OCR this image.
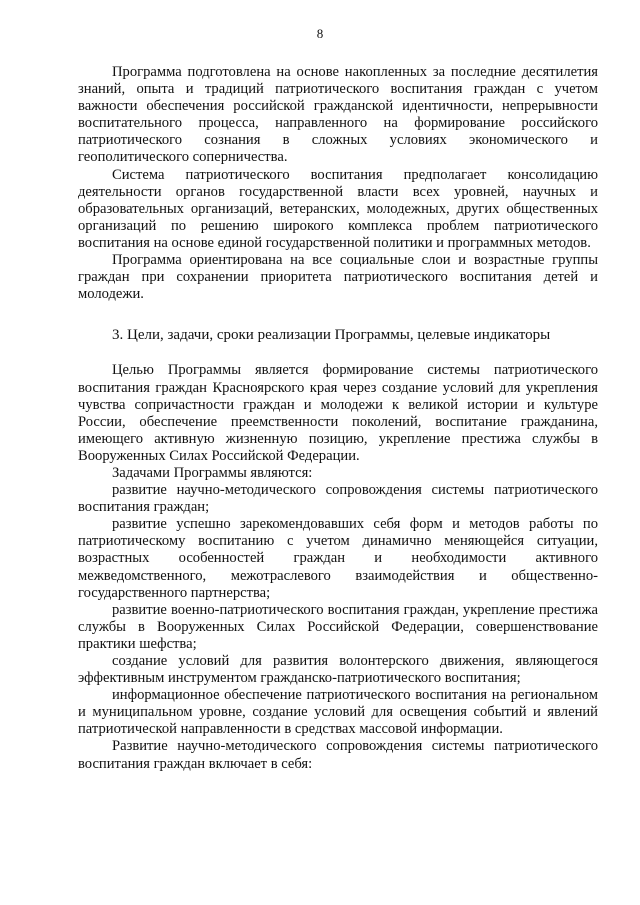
8

Программа подготовлена на основе накопленных за последние десятилетия знаний, опыта и традиций патриотического воспитания граждан с учетом важности обеспечения российской гражданской идентичности, непрерывности воспитательного процесса, направленного на формирование российского патриотического сознания в сложных условиях экономического и геополитического соперничества.

Система патриотического воспитания предполагает консолидацию деятельности органов государственной власти всех уровней, научных и образовательных организаций, ветеранских, молодежных, других общественных организаций по решению широкого комплекса проблем патриотического воспитания на основе единой государственной политики и программных методов.

Программа ориентирована на все социальные слои и возрастные группы граждан при сохранении приоритета патриотического воспитания детей и молодежи.

3. Цели, задачи, сроки реализации Программы, целевые индикаторы

Целью Программы является формирование системы патриотического воспитания граждан Красноярского края через создание условий для укрепления чувства сопричастности граждан и молодежи к великой истории и культуре России, обеспечение преемственности поколений, воспитание гражданина, имеющего активную жизненную позицию, укрепление престижа службы в Вооруженных Силах Российской Федерации.

Задачами Программы являются:

развитие научно-методического сопровождения системы патриотического воспитания граждан;

развитие успешно зарекомендовавших себя форм и методов работы по патриотическому воспитанию с учетом динамично меняющейся ситуации, возрастных особенностей граждан и необходимости активного межведомственного, межотраслевого взаимодействия и общественно-государственного партнерства;

развитие военно-патриотического воспитания граждан, укрепление престижа службы в Вооруженных Силах Российской Федерации, совершенствование практики шефства;

создание условий для развития волонтерского движения, являющегося эффективным инструментом гражданско-патриотического воспитания;

информационное обеспечение патриотического воспитания на региональном и муниципальном уровне, создание условий для освещения событий и явлений патриотической направленности в средствах массовой информации.

Развитие научно-методического сопровождения системы патриотического воспитания граждан включает в себя:
